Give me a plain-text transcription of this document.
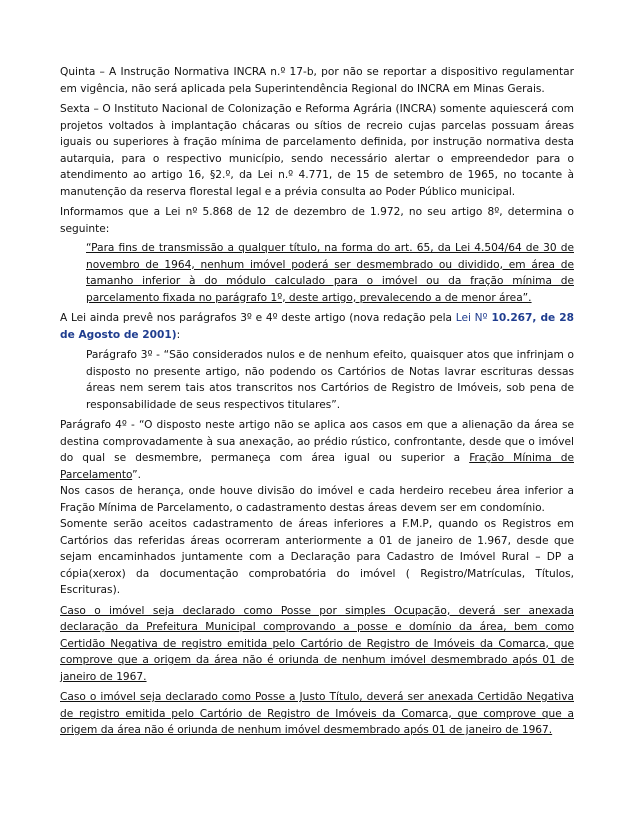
Quinta – A Instrução Normativa INCRA n.º 17-b, por não se reportar a dispositivo regulamentar em vigência, não será aplicada pela Superintendência Regional do INCRA em Minas Gerais.

Sexta – O Instituto Nacional de Colonização e Reforma Agrária (INCRA) somente aquiescerá com projetos voltados à implantação chácaras ou sítios de recreio cujas parcelas possuam áreas iguais ou superiores à fração mínima de parcelamento definida, por instrução normativa desta autarquia, para o respectivo município, sendo necessário alertar o empreendedor para o atendimento ao artigo 16, §2.º, da Lei n.º 4.771, de 15 de setembro de 1965, no tocante à manutenção da reserva florestal legal e a prévia consulta ao Poder Público municipal.

Informamos que a Lei nº 5.868 de 12 de dezembro de 1.972, no seu artigo 8º, determina o seguinte:

“Para fins de transmissão a qualquer título, na forma do art. 65, da Lei 4.504/64 de 30 de novembro de 1964, nenhum imóvel poderá ser desmembrado ou dividido, em área de tamanho inferior à do módulo calculado para o imóvel ou da fração mínima de parcelamento fixada no parágrafo 1º, deste artigo, prevalecendo a de menor área”.

A Lei ainda prevê nos parágrafos 3º e 4º deste artigo (nova redação pela Lei Nº 10.267, de 28 de Agosto de 2001):

Parágrafo 3º - “São considerados nulos e de nenhum efeito, quaisquer atos que infrinjam o disposto no presente artigo, não podendo os Cartórios de Notas lavrar escrituras dessas áreas nem serem tais atos transcritos nos Cartórios de Registro de Imóveis, sob pena de responsabilidade de seus respectivos titulares”.

Parágrafo 4º - “O disposto neste artigo não se aplica aos casos em que a alienação da área se destina comprovadamente à sua anexação, ao prédio rústico, confrontante, desde que o imóvel do qual se desmembre, permaneça com área igual ou superior a Fração Mínima de Parcelamento”.

Nos casos de herança, onde houve divisão do imóvel e cada herdeiro recebeu área inferior a Fração Mínima de Parcelamento, o cadastramento destas áreas devem ser em condomínio.

Somente serão aceitos cadastramento de áreas inferiores a F.M.P, quando os Registros em Cartórios das referidas áreas ocorreram anteriormente a 01 de janeiro de 1.967, desde que sejam encaminhados juntamente com a Declaração para Cadastro de Imóvel Rural – DP a cópia(xerox) da documentação comprobatória do imóvel ( Registro/Matrículas, Títulos, Escrituras).

Caso o imóvel seja declarado como Posse por simples Ocupação, deverá ser anexada declaração da Prefeitura Municipal comprovando a posse e domínio da área, bem como Certidão Negativa de registro emitida pelo Cartório de Registro de Imóveis da Comarca, que comprove que a origem da área não é oriunda de nenhum imóvel desmembrado após 01 de janeiro de 1967.

Caso o imóvel seja declarado como Posse a Justo Título, deverá ser anexada Certidão Negativa de registro emitida pelo Cartório de Registro de Imóveis da Comarca, que comprove que a origem da área não é oriunda de nenhum imóvel desmembrado após 01 de janeiro de 1967.
